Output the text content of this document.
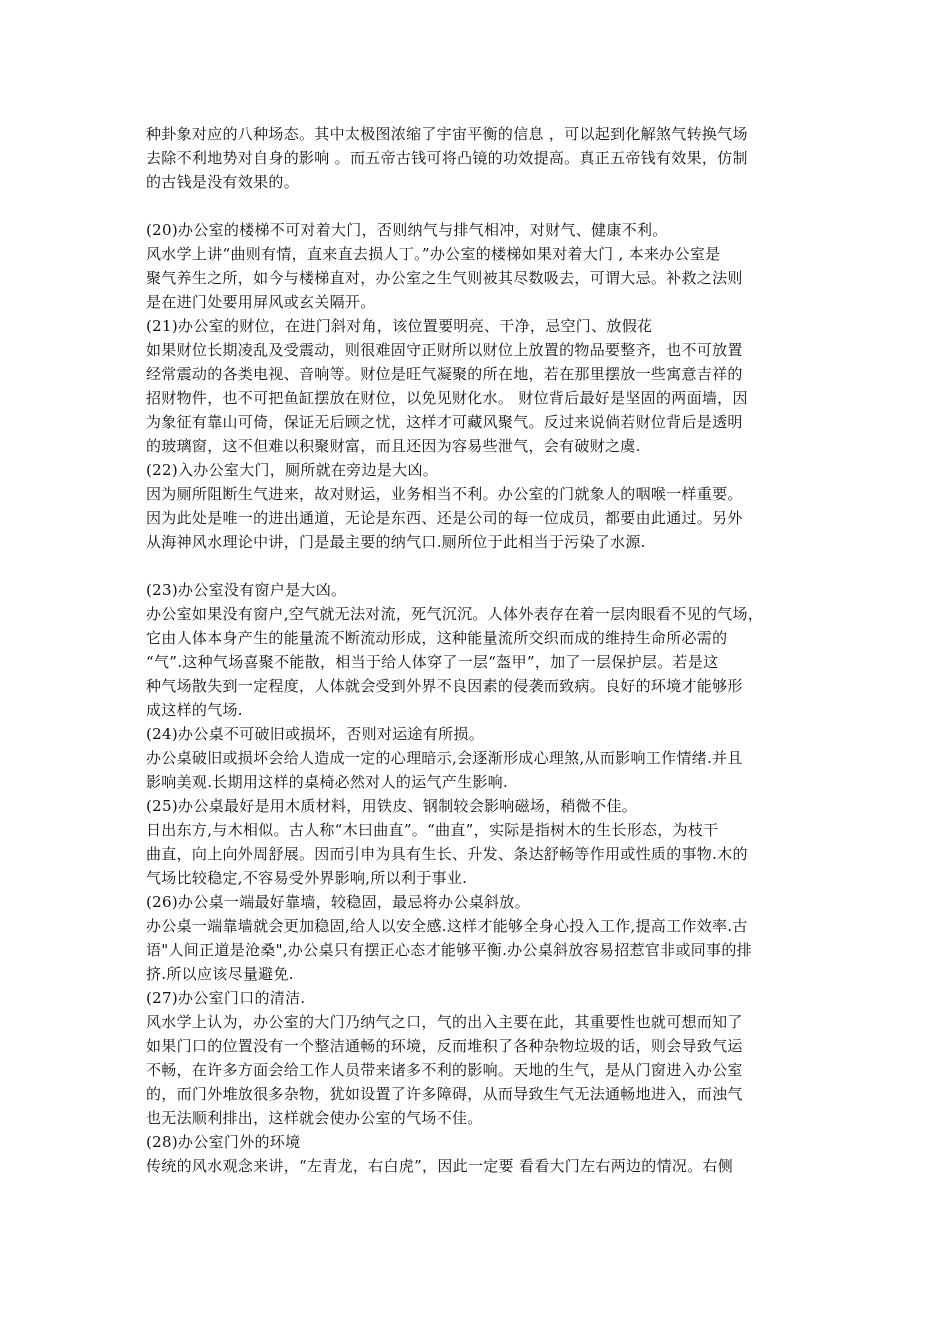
种卦象对应的八种场态。其中太极图浓缩了宇宙平衡的信息 ，可以起到化解煞气转换气场
去除不利地势对自身的影响 。而五帝古钱可将凸镜的功效提高。真正五帝钱有效果，仿制
的古钱是没有效果的。
(20)办公室的楼梯不可对着大门，否则纳气与排气相冲，对财气、健康不利。
风水学上讲“曲则有情，直来直去损人丁。”办公室的楼梯如果对着大门 , 本来办公室是
聚气养生之所，如今与楼梯直对，办公室之生气则被其尽数吸去，可谓大忌。补救之法则
是在进门处要用屏风或玄关隔开。
(21)办公室的财位，在进门斜对角，该位置要明亮、干净，忌空门、放假花
如果财位长期凌乱及受震动，则很难固守正财所以财位上放置的物品要整齐，也不可放置
经常震动的各类电视、音响等。财位是旺气凝聚的所在地，若在那里摆放一些寓意吉祥的
招财物件，也不可把鱼缸摆放在财位，以免见财化水。 财位背后最好是坚固的两面墙，因
为象征有靠山可倚，保证无后顾之忧，这样才可藏风聚气。反过来说倘若财位背后是透明
的玻璃窗，这不但难以积聚财富，而且还因为容易些泄气，会有破财之虞.
(22)入办公室大门，厕所就在旁边是大凶。
因为厕所阻断生气进来，故对财运，业务相当不利。办公室的门就象人的咽喉一样重要。
因为此处是唯一的进出通道，无论是东西、还是公司的每一位成员，都要由此通过。另外
从海神风水理论中讲，门是最主要的纳气口.厕所位于此相当于污染了水源.
(23)办公室没有窗户是大凶。
办公室如果没有窗户,空气就无法对流，死气沉沉。人体外表存在着一层肉眼看不见的气场，
它由人体本身产生的能量流不断流动形成，这种能量流所交织而成的维持生命所必需的
“气”.这种气场喜聚不能散，相当于给人体穿了一层“盔甲”，加了一层保护层。若是这
种气场散失到一定程度，人体就会受到外界不良因素的侵袭而致病。良好的环境才能够形
成这样的气场.
(24)办公桌不可破旧或损坏，否则对运途有所损。
办公桌破旧或损坏会给人造成一定的心理暗示,会逐渐形成心理煞,从而影响工作情绪.并且
影响美观.长期用这样的桌椅必然对人的运气产生影响.
(25)办公桌最好是用木质材料，用铁皮、钢制较会影响磁场，稍微不佳。
日出东方,与木相似。古人称“木曰曲直”。“曲直”，实际是指树木的生长形态，为枝干
曲直，向上向外周舒展。因而引申为具有生长、升发、条达舒畅等作用或性质的事物.木的
气场比较稳定,不容易受外界影响,所以利于事业.
(26)办公桌一端最好靠墙，较稳固，最忌将办公桌斜放。
办公桌一端靠墙就会更加稳固,给人以安全感.这样才能够全身心投入工作,提高工作效率.古
语"人间正道是沧桑",办公桌只有摆正心态才能够平衡.办公桌斜放容易招惹官非或同事的排
挤.所以应该尽量避免.
(27)办公室门口的清洁.
风水学上认为，办公室的大门乃纳气之口，气的出入主要在此，其重要性也就可想而知了
如果门口的位置没有一个整洁通畅的环境，反而堆积了各种杂物垃圾的话，则会导致气运
不畅，在许多方面会给工作人员带来诸多不利的影响。天地的生气，是从门窗进入办公室
的，而门外堆放很多杂物，犹如设置了许多障碍，从而导致生气无法通畅地进入，而浊气
也无法顺利排出，这样就会使办公室的气场不佳。
(28)办公室门外的环境
传统的风水观念来讲，“左青龙，右白虎”，因此一定要 看看大门左右两边的情况。右侧
